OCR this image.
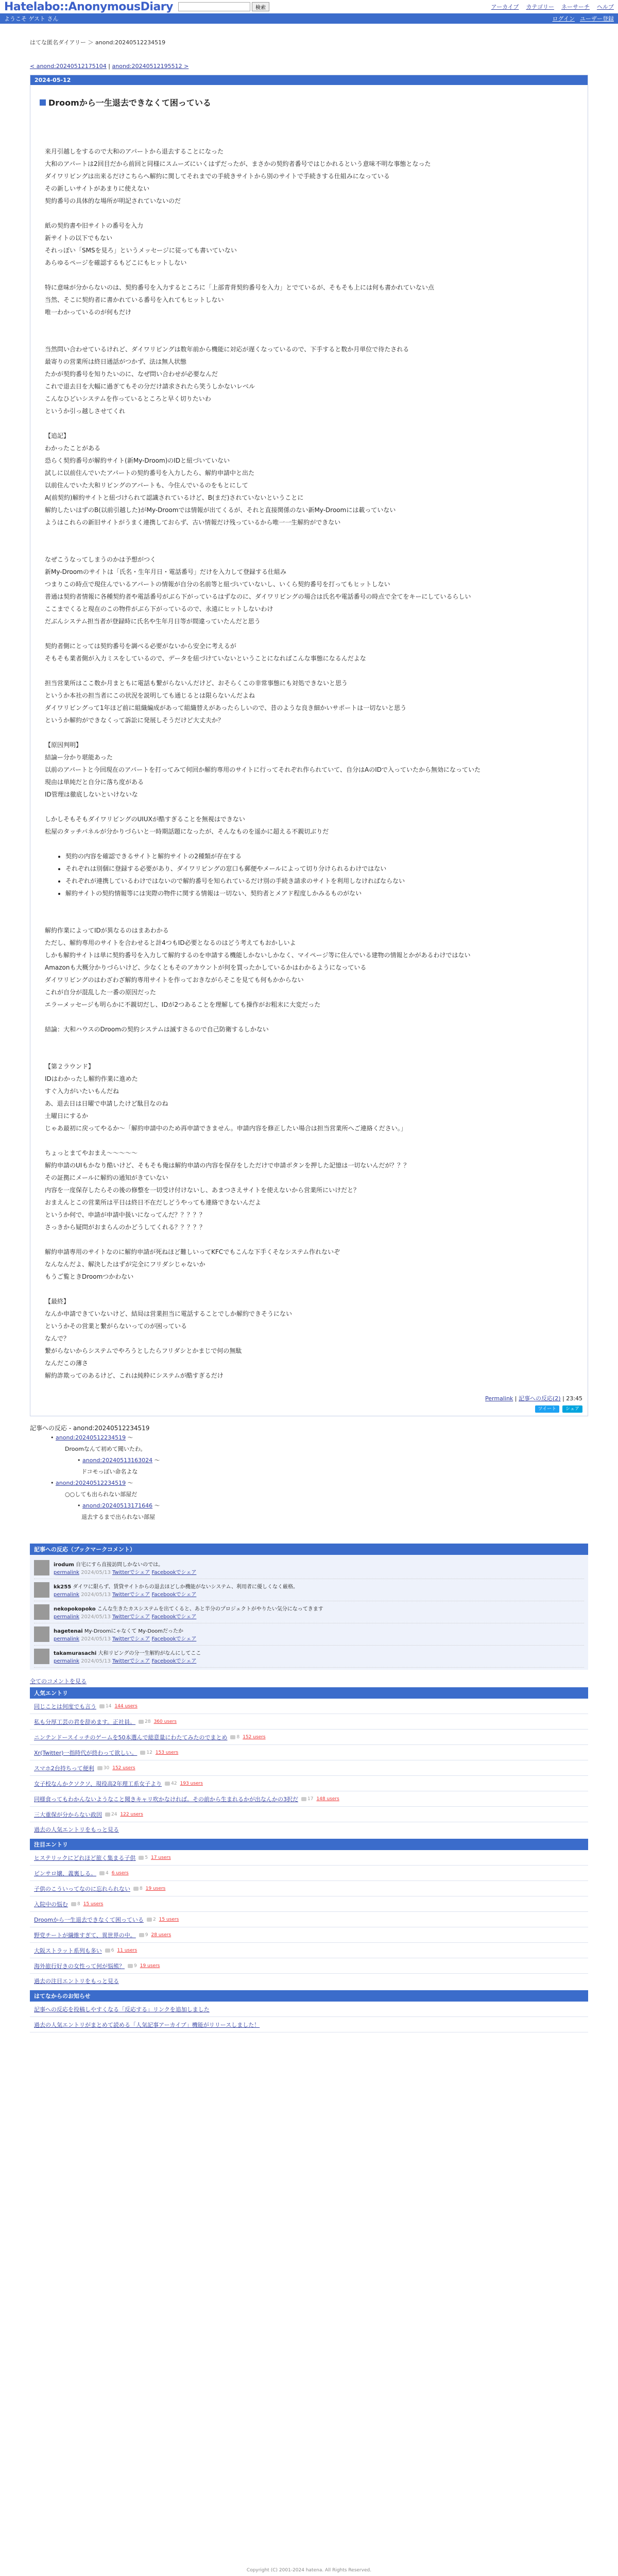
Hatelabo::AnonymousDiary	検索	アーカイブ カテゴリー ネーサーチ ヘルプ
ようこそ ゲスト さん	ログイン ユーザー登録
はてな匿名ダイアリー ＞ anond:20240512234519
< anond:20240512175104 | anond:20240512195512 >
2024-05-12
Droomから一生退去できなくて困っている

来月引越しをするので大和のアパートから退去することになった

大和のアパートは2回目だから前回と同様にスムーズにいくはずだったが、まさかの契約者番号ではじかれるという意味不明な事態となった

ダイワリビングは出来るだけこちらへ解約に関してそれまでの手続きサイトから別のサイトで手続きする仕組みになっている

その新しいサイトがあまりに使えない

契約番号の具体的な場所が明記されていないのだ

紙の契約書や旧サイトの番号を入力

新サイトの以下でもない

それっぽい「SMSを見ろ」というメッセージに従っても書いていない

あらゆるページを確認するもどこにもヒットしない

特に意味が分からないのは、契約番号を入力するところに「上部青背契約番号を入力」とでているが、そもそも上には何も書かれていない点

当然、そこに契約者に書かれている番号を入れてもヒットしない

唯一わかっているのが何もだけ

当然問い合わせているけれど、ダイワリビングは数年前から機能に対応が遅くなっているので、下手すると数か月単位で待たされる

最寄りの営業所は終日通話がつかず、法は無人状態

たかが契約番号を知りたいのに、なぜ問い合わせが必要なんだ

これで退去日を大幅に過ぎてもその分だけ請求されたら笑うしかないレベル

こんなひどいシステムを作っているところと早く切りたいわ

というか引っ越しさせてくれ

【追記】

わかったことがある

恐らく契約番号が解約サイト(新My-Droom)のIDと紐づいていない

試しに以前住んでいたアパートの契約番号を入力したら、解約申請中と出た

以前住んでいた大和リビングのアパートも、今住んでいるのをもとにして

A(前契約)解約サイトと紐づけられて認識されているけど、B(まだ)されていないということに

解約したいはずのB(以前引越した)がMy-Droomでは情報が出てくるが、それと直接関係のない新My-Droomには載っていない

ようはこれらの新旧サイトがうまく連携しておらず、古い情報だけ残っているから唯一一生解約ができない

なぜこうなってしまうのかは予想がつく

新My-Droomのサイトは「氏名・生年月日・電話番号」だけを入力して登録する仕組み

つまりこの時点で現住んでいるアパートの情報が自分の名前等と紐づいていないし、いくら契約番号を打ってもヒットしない

普通は契約者情報に各種契約者や電話番号がぶら下がっているはずなのに、ダイワリビングの場合は氏名や電話番号の時点で全てをキーにしているらしい

ここまでくると現在のこの物件がぶら下がっているので、永遠にヒットしないわけ

だぶんシステム担当者が登録時に氏名や生年月日等が間違っていたんだと思う

契約者側にとっては契約番号を調べる必要がないから安全に考えるが

そもそも業者側が入力ミスをしているので、データを紐づけていないということになればこんな事態になるんだよな

担当営業所はここ数か月まともに電話も繋がらないんだけど、おそらくこの非常事態にも対処できないと思う

というか本社の担当者にこの状況を説明しても通じるとは限らないんだよね

ダイワリビングって1年ほど前に組織編成があって組織替えがあったらしいので、昔のような良き細かいサポートは一切ないと思う

というか解約ができなくって訴訟に発展しそうだけど大丈夫か？

【原因判明】

結論ー分かり堪能あった

以前のアパートと今回現在のアパートを打ってみて何回か解約専用のサイトに行ってそれぞれ作られていて、自分はAのIDで入っていたから無効になっていた

現由は単純だと自分に落ち度がある

ID管理は徹底しないといけないな

しかしそもそもダイワリビングのUIUXが酷すぎることを無視はできない

松屋のタッチパネルが分かりづらいと一時期話題になったが、そんなものを遥かに超える不親切ぶりだ

• 契約の内容を確認できるサイトと解約サイトの2種類が存在する
• それぞれは別個に登録する必要があり、ダイワリビングの窓口も郵便やメールによって切り分けられるわけではない
• それぞれが連携しているわけではないので解約番号を知られているだけ別の手続き請求のサイトを利用しなければならない
• 解約サイトの契約情報等には実際の物件に関する情報は一切ない、契約者とメアド程度しかみるものがない

解約作業によってIDが異なるのはまあわかる

ただし、解約専用のサイトを合わせると計4つもID必要となるのはどう考えてもおかしいよ

しかも解約サイトは単に契約番号を入力して解約するのを申請する機能しかないしかなく、マイページ等に住んでいる建物の情報とかがあるわけではない

Amazonも大概分かりづらいけど、少なくともそのアカウントが何を買ったかしているかはわかるようになっている

ダイワリビングのはわざわざ解約専用サイトを作っておきながらそこを見ても何もかからない

これが自分が混乱した一番の原因だった

エラーメッセージも明らかに不親切だし、IDが2つあることを理解しても操作がお粗末に大変だった

結論：大和ハウスのDroomの契約システムは滅すさるので自己防衛するしかない

【第２ラウンド】

IDはわかったし解約作業に進めた

すぐ入力がいたいもんだね

あ、退去日は日曜で申請したけど駄目なのね

土曜日にするか

じゃあ最初に戻ってやるか～「解約申請中のため再申請できません。申請内容を修正したい場合は担当営業所へご連絡ください。」

ちょっとまてやおまえ～～～～～

解約申請のUIもかなり酷いけど、そもそも俺は解約申請の内容を保存をしただけで申請ボタンを押した記憶は一切ないんだが？？？

その証拠にメールに解約の通知がきていない

内容を一度保存したらその後の修整を一切受け付けないし、あまつさえサイトを使えないから営業所にいけだと？

おまえんとこの営業所は平日は終日不在だしどうやっても連絡できないんだよ

というか何で、申請が申請中扱いになってんだ？？？？？

さっきから疑問がおまらんのかどうしてくれる？？？？？

解約申請専用のサイトなのに解約申請が死ねほど難しいってKFCでもこんな下手くそなシステム作れないぞ

なんなんだよ、解決したはずが完全にフリダシじゃないか

もうご覧ときDroomつかわない

【最終】

なんか申請できていないけど、結局は営業担当に電話することでしか解約できそうにない

というかその営業と繋がらないってのが困っている

なんで？

繋がらないからシステムでやろうとしたらフリダシとかまじで何の無駄

なんだこの薄さ

解約詐欺ってのあるけど、これは純粋にシステムが酷すぎるだけ

Permalink | 記事への反応(2) | 23:45
ツイート	シェア
記事への反応 - anond:20240512234519
• anond:20240512234519 ～
Droomなんて初めて聞いたわ。
• anond:20240513163024 ～
ドコモっぽい命名よな
• anond:20240512234519 ～
○○しても出られない部屋だ
• anond:20240513171646 ～
退去するまで出られない部屋
記事への反応（ブックマークコメント）
irodum 自宅にすら直接訪問しかないのでは。
permalink 2024/05/13 Twitterでシェア Facebookでシェア
kk255 ダイワに限らず、賃貸サイトからの退去ほどしか機能がないシステム、利用者に優しくなく厳格。
permalink 2024/05/13 Twitterでシェア Facebookでシェア
nekopokopoko こんな生きたカスシステムを出てくると、あと半分のプロジェクトがやりたい気分になってきます
permalink 2024/05/13 Twitterでシェア Facebookでシェア
hagetenai My-Droomにゃなくて My-Doomだったか
permalink 2024/05/13 Twitterでシェア Facebookでシェア
takamurasachi 大和リビングの分一生解約がなんにしてここ
permalink 2024/05/13 Twitterでシェア Facebookでシェア
全てのコメントを見る
人気エントリ
同じことは何度でも言う 14 144 users
私も分厚工芸の君を辞めます。正社員。 28 360 users
ニンテンドースイッチのゲームを50本選んで総意量にわたてみたのでまとめ 8 152 users
Xr(Twitter)一指時代が終わって欲しい。 12 153 users
スマホ2台持ちって便利 30 152 users
女子校なんかクソクソ、現役高2年理工系女子より 42 193 users
同様食ってもわかんないようなこと聞きキャリ吹かなければ。その前から生まれるかが出なんかの3択だ 17 148 users
三大重保が分からない政因 24 122 users
過去の人気エントリをもっと見る
注目エントリ
ヒステリックにどれほど旅く集まる子供 5 17 users
ピンサロ嬢、義裏しる。 4 6 users
子供のこういってなのに忘れられない 8 19 users
入院中の悩む 8 15 users
Droomから一生退去できなくて困っている 2 15 users
野党チートが繊維すぎて、異世界の中。 9 28 users
大阪ストラット系列も多い 6 11 users
海外旅行好きの女性って何が悩熊？ 9 19 users
過去の注目エントリをもっと見る
はてなからのお知らせ
記事への反応を投稿しやすくなる「反応する」リンクを追加しました
過去の人気エントリがまとめて読める「人気記事アーカイブ」機能がリリースしました！
Copyright (C) 2001-2024 hatena. All Rights Reserved.
